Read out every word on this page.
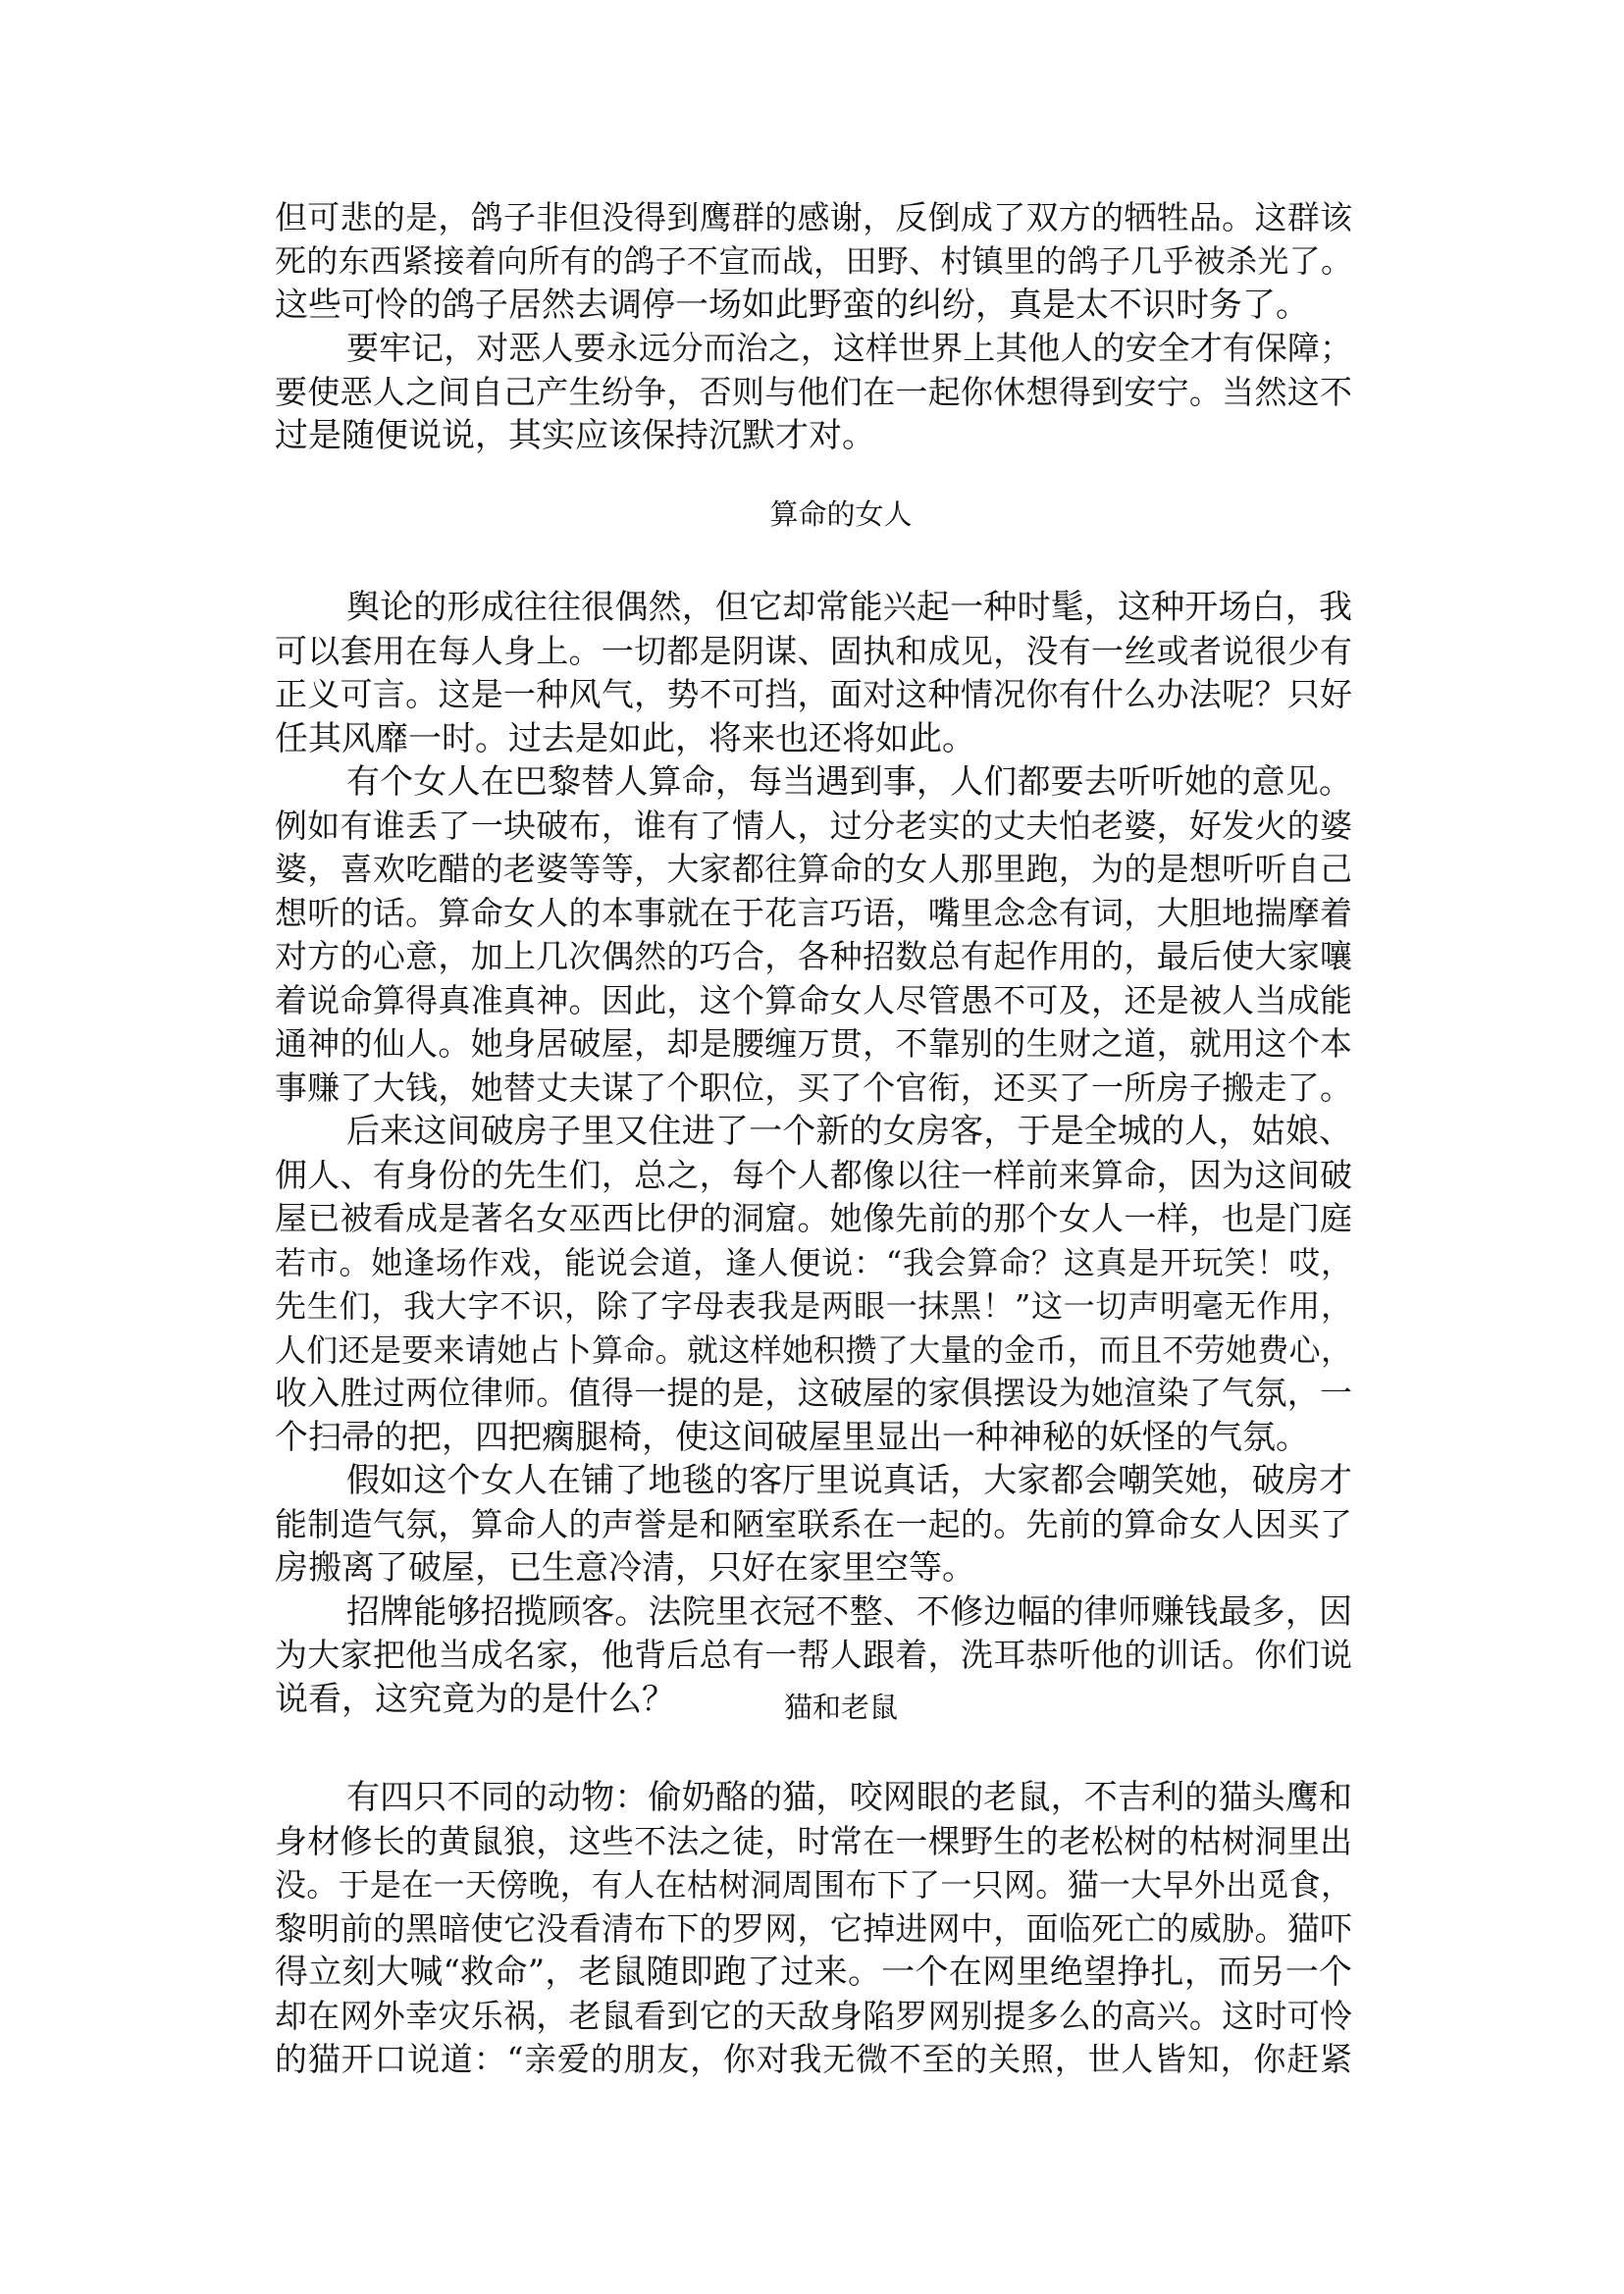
但可悲的是，鸽子非但没得到鹰群的感谢，反倒成了双方的牺牲品。这群该
死的东西紧接着向所有的鸽子不宣而战，田野、村镇里的鸽子几乎被杀光了。
这些可怜的鸽子居然去调停一场如此野蛮的纠纷，真是太不识时务了。
要牢记，对恶人要永远分而治之，这样世界上其他人的安全才有保障；
要使恶人之间自己产生纷争，否则与他们在一起你休想得到安宁。当然这不
过是随便说说，其实应该保持沉默才对。
算命的女人
舆论的形成往往很偶然，但它却常能兴起一种时髦，这种开场白，我
可以套用在每人身上。一切都是阴谋、固执和成见，没有一丝或者说很少有
正义可言。这是一种风气，势不可挡，面对这种情况你有什么办法呢？只好
任其风靡一时。过去是如此，将来也还将如此。
有个女人在巴黎替人算命，每当遇到事，人们都要去听听她的意见。
例如有谁丢了一块破布，谁有了情人，过分老实的丈夫怕老婆，好发火的婆
婆，喜欢吃醋的老婆等等，大家都往算命的女人那里跑，为的是想听听自己
想听的话。算命女人的本事就在于花言巧语，嘴里念念有词，大胆地揣摩着
对方的心意，加上几次偶然的巧合，各种招数总有起作用的，最后使大家嚷
着说命算得真准真神。因此，这个算命女人尽管愚不可及，还是被人当成能
通神的仙人。她身居破屋，却是腰缠万贯，不靠别的生财之道，就用这个本
事赚了大钱，她替丈夫谋了个职位，买了个官衔，还买了一所房子搬走了。
后来这间破房子里又住进了一个新的女房客，于是全城的人，姑娘、
佣人、有身份的先生们，总之，每个人都像以往一样前来算命，因为这间破
屋已被看成是著名女巫西比伊的洞窟。她像先前的那个女人一样，也是门庭
若市。她逢场作戏，能说会道，逢人便说：“我会算命？这真是开玩笑！哎，
先生们，我大字不识，除了字母表我是两眼一抹黑！”这一切声明毫无作用，
人们还是要来请她占卜算命。就这样她积攒了大量的金币，而且不劳她费心，
收入胜过两位律师。值得一提的是，这破屋的家俱摆设为她渲染了气氛，一
个扫帚的把，四把瘸腿椅，使这间破屋里显出一种神秘的妖怪的气氛。
假如这个女人在铺了地毯的客厅里说真话，大家都会嘲笑她，破房才
能制造气氛，算命人的声誉是和陋室联系在一起的。先前的算命女人因买了
房搬离了破屋，已生意冷清，只好在家里空等。
招牌能够招揽顾客。法院里衣冠不整、不修边幅的律师赚钱最多，因
为大家把他当成名家，他背后总有一帮人跟着，洗耳恭听他的训话。你们说
说看，这究竟为的是什么？	猫和老鼠
有四只不同的动物：偷奶酪的猫，咬网眼的老鼠，不吉利的猫头鹰和
身材修长的黄鼠狼，这些不法之徒，时常在一棵野生的老松树的枯树洞里出
没。于是在一天傍晚，有人在枯树洞周围布下了一只网。猫一大早外出觅食，
黎明前的黑暗使它没看清布下的罗网，它掉进网中，面临死亡的威胁。猫吓
得立刻大喊“救命”，老鼠随即跑了过来。一个在网里绝望挣扎，而另一个
却在网外幸灾乐祸，老鼠看到它的天敌身陷罗网别提多么的高兴。这时可怜
的猫开口说道：“亲爱的朋友，你对我无微不至的关照，世人皆知，你赶紧
